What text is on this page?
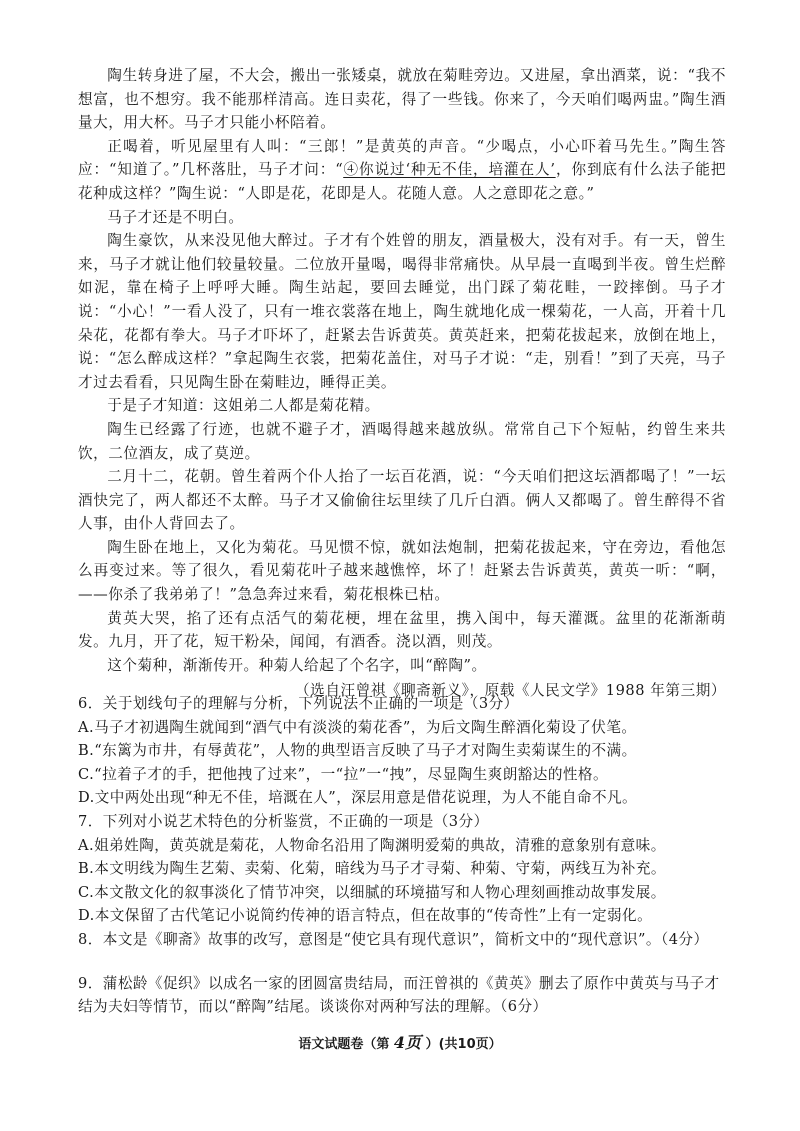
陶生转身进了屋，不大会，搬出一张矮桌，就放在菊畦旁边。又进屋，拿出酒菜，说：“我不想富，也不想穷。我不能那样清高。连日卖花，得了一些钱。你来了，今天咱们喝两盅。”陶生酒量大，用大杯。马子才只能小杯陪着。

正喝着，听见屋里有人叫：“三郎！”是黄英的声音。“少喝点，小心吓着马先生。”陶生答应：“知道了。”几杯落肚，马子才问：“④你说过‘种无不佳，培灌在人’，你到底有什么法子能把花种成这样？”陶生说：“人即是花，花即是人。花随人意。人之意即花之意。”

马子才还是不明白。

陶生豪饮，从来没见他大醉过。子才有个姓曾的朋友，酒量极大，没有对手。有一天，曾生来，马子才就让他们较量较量。二位放开量喝，喝得非常痛快。从早晨一直喝到半夜。曾生烂醉如泥，靠在椅子上呼呼大睡。陶生站起，要回去睡觉，出门踩了菊花畦，一跤摔倒。马子才说：“小心！”一看人没了，只有一堆衣裳落在地上，陶生就地化成一棵菊花，一人高，开着十几朵花，花都有拳大。马子才吓坏了，赶紧去告诉黄英。黄英赶来，把菊花拔起来，放倒在地上，说：“怎么醉成这样？”拿起陶生衣裳，把菊花盖住，对马子才说：“走，别看！”到了天亮，马子才过去看看，只见陶生卧在菊畦边，睡得正美。

于是子才知道：这姐弟二人都是菊花精。

陶生已经露了行迹，也就不避子才，酒喝得越来越放纵。常常自己下个短帖，约曾生来共饮，二位酒友，成了莫逆。

二月十二，花朝。曾生着两个仆人抬了一坛百花酒，说：“今天咱们把这坛酒都喝了！”一坛酒快完了，两人都还不太醉。马子才又偷偷往坛里续了几斤白酒。俩人又都喝了。曾生醉得不省人事，由仆人背回去了。

陶生卧在地上，又化为菊花。马见惯不惊，就如法炮制，把菊花拔起来，守在旁边，看他怎么再变过来。等了很久，看见菊花叶子越来越憔悴，坏了！赶紧去告诉黄英，黄英一听：“啊，——你杀了我弟弟了！”急急奔过来看，菊花根株已枯。

黄英大哭，掐了还有点活气的菊花梗，埋在盆里，携入闺中，每天灌溉。盆里的花渐渐萌发。九月，开了花，短干粉朵，闻闻，有酒香。浇以酒，则茂。

这个菊种，渐渐传开。种菊人给起了个名字，叫“醉陶”。

（选自汪曾祺《聊斋新义》，原载《人民文学》1988 年第三期）

6．关于划线句子的理解与分析，下列说法不正确的一项是（3分）

A.马子才初遇陶生就闻到“酒气中有淡淡的菊花香”，为后文陶生醉酒化菊设了伏笔。

B.“东篱为市井，有辱黄花”，人物的典型语言反映了马子才对陶生卖菊谋生的不满。

C.“拉着子才的手，把他拽了过来”，一“拉”一“拽”，尽显陶生爽朗豁达的性格。

D.文中两处出现“种无不佳，培溉在人”，深层用意是借花说理，为人不能自命不凡。

7．下列对小说艺术特色的分析鉴赏，不正确的一项是（3分）

A.姐弟姓陶，黄英就是菊花，人物命名沿用了陶渊明爱菊的典故，清雅的意象别有意味。

B.本文明线为陶生艺菊、卖菊、化菊，暗线为马子才寻菊、种菊、守菊，两线互为补充。

C.本文散文化的叙事淡化了情节冲突，以细腻的环境描写和人物心理刻画推动故事发展。

D.本文保留了古代笔记小说简约传神的语言特点，但在故事的“传奇性”上有一定弱化。

8．本文是《聊斋》故事的改写，意图是“使它具有现代意识”，简析文中的“现代意识”。（4分）

9．蒲松龄《促织》以成名一家的团圆富贵结局，而汪曾祺的《黄英》删去了原作中黄英与马子才结为夫妇等情节，而以“醉陶”结尾。谈谈你对两种写法的理解。（6分）

语文试题卷（第 4页 ）(共10页）
